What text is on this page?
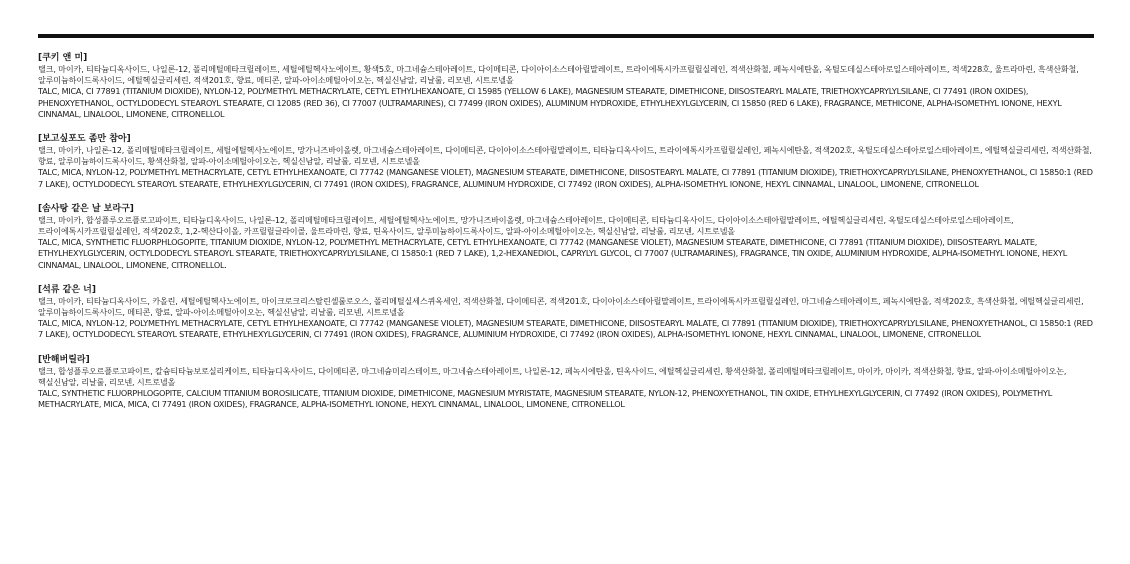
[쿠키 앤 미]

탤크, 마이카, 티타늄디옥사이드, 나일론-12, 폴리메틸메타크릴레이트, 세틸에틸헥사노에이트, 황색5호, 마그네슘스테아레이트, 다이메티콘, 다이아이소스테아릴말레이트, 트라이에톡시카프릴릴실레인, 적색산화철, 페녹시에탄올, 옥틸도데실스테아로일스테아레이트, 적색228호, 울트라마린, 흑색산화철, 알루미늄하이드록사이드, 에틸헥실글리세린, 적색201호, 향료, 메티콘, 알파-아이소메틸아이오논, 헥실신남알, 리날룰, 리모넨, 시트로넬올

TALC, MICA, CI 77891 (TITANIUM DIOXIDE), NYLON-12, POLYMETHYL METHACRYLATE, CETYL ETHYLHEXANOATE, CI 15985 (YELLOW 6 LAKE), MAGNESIUM STEARATE, DIMETHICONE, DIISOSTEARYL MALATE, TRIETHOXYCAPRYLYLSILANE, CI 77491 (IRON OXIDES), PHENOXYETHANOL, OCTYLDODECYL STEAROYL STEARATE, CI 12085 (RED 36), CI 77007 (ULTRAMARINES), CI 77499 (IRON OXIDES), ALUMINUM HYDROXIDE, ETHYLHEXYLGLYCERIN, CI 15850 (RED 6 LAKE), FRAGRANCE, METHICONE, ALPHA-ISOMETHYL IONONE, HEXYL CINNAMAL, LINALOOL, LIMONENE, CITRONELLOL

[보고싶포도 좀만 참아]

탤크, 마이카, 나일론-12, 폴리메틸메타크릴레이트, 세틸에틸헥사노에이트, 망가니즈바이올렛, 마그네슘스테아레이트, 다이메티콘, 다이아이소스테아릴말레이트, 티타늄디옥사이드, 트라이에톡시카프릴릴실레인, 페녹시에탄올, 적색202호, 옥틸도데실스테아로일스테아레이트, 에틸헥실글리세린, 적색산화철, 향료, 알루미늄하이드록사이드, 황색산화철, 알파-아이소메틸아이오논, 헥실신남알, 리날룰, 리모넨, 시트로넬올

TALC, MICA, NYLON-12, POLYMETHYL METHACRYLATE, CETYL ETHYLHEXANOATE, CI 77742 (MANGANESE VIOLET), MAGNESIUM STEARATE, DIMETHICONE, DIISOSTEARYL MALATE, CI 77891 (TITANIUM DIOXIDE), TRIETHOXYCAPRYLYLSILANE, PHENOXYETHANOL, CI 15850:1 (RED 7 LAKE), OCTYLDODECYL STEAROYL STEARATE, ETHYLHEXYLGLYCERIN, CI 77491 (IRON OXIDES), FRAGRANCE, ALUMINUM HYDROXIDE, CI 77492 (IRON OXIDES), ALPHA-ISOMETHYL IONONE, HEXYL CINNAMAL, LINALOOL, LIMONENE, CITRONELLOL

[솜사탕 같은 날 보라구]

탤크, 마이카, 합성플루오르플로고파이트, 티타늄디옥사이드, 나일론-12, 폴리메틸메타크릴레이트, 세틸에틸헥사노에이트, 망가니즈바이올렛, 마그네슘스테아레이트, 다이메티콘, 티타늄디옥사이드, 다이아이소스테아릴말레이트, 에틸헥실글리세린, 옥틸도데실스테아로일스테아레이트, 트라이에톡시카프릴릴실레인, 적색202호, 1,2-헥산다이올, 카프릴릴글라이콜, 울트라마린, 향료, 틴옥사이드, 알루미늄하이드록사이드, 알파-아이소메틸아이오논, 헥실신남알, 리날룰, 리모넨, 시트로넬올

TALC, MICA, SYNTHETIC FLUORPHLOGOPITE, TITANIUM DIOXIDE, NYLON-12, POLYMETHYL METHACRYLATE, CETYL ETHYLHEXANOATE, CI 77742 (MANGANESE VIOLET), MAGNESIUM STEARATE, DIMETHICONE, CI 77891 (TITANIUM DIOXIDE), DIISOSTEARYL MALATE, ETHYLHEXYLGLYCERIN, OCTYLDODECYL STEAROYL STEARATE, TRIETHOXYCAPRYLYLSILANE, CI 15850:1 (RED 7 LAKE), 1,2-HEXANEDIOL, CAPRYLYL GLYCOL, CI 77007 (ULTRAMARINES), FRAGRANCE, TIN OXIDE, ALUMINIUM HYDROXIDE, ALPHA-ISOMETHYL IONONE, HEXYL CINNAMAL, LINALOOL, LIMONENE, CITRONELLOL.

[석류 같은 너]

탤크, 마이카, 티타늄디옥사이드, 카올린, 세틸에틸헥사노에이트, 마이크로크리스탈린셀룰로오스, 폴리메틸실세스퀴옥세인, 적색산화철, 다이메티콘, 적색201호, 다이아이소스테아릴말레이트, 트라이에톡시카프릴릴실레인, 마그네슘스테아레이트, 페녹시에탄올, 적색202호, 흑색산화철, 에틸헥실글리세린, 알루미늄하이드록사이드, 메티콘, 향료, 알파-아이소메틸아이오논, 헥실신남알, 리날룰, 리모넨, 시트로넬올

TALC, MICA, NYLON-12, POLYMETHYL METHACRYLATE, CETYL ETHYLHEXANOATE, CI 77742 (MANGANESE VIOLET), MAGNESIUM STEARATE, DIMETHICONE, DIISOSTEARYL MALATE, CI 77891 (TITANIUM DIOXIDE), TRIETHOXYCAPRYLYLSILANE, PHENOXYETHANOL, CI 15850:1 (RED 7 LAKE), OCTYLDODECYL STEAROYL STEARATE, ETHYLHEXYLGLYCERIN, CI 77491 (IRON OXIDES), FRAGRANCE, ALUMINIUM HYDROXIDE, CI 77492 (IRON OXIDES), ALPHA-ISOMETHYL IONONE, HEXYL CINNAMAL, LINALOOL, LIMONENE, CITRONELLOL

[반해버릴라]

탤크, 합성플루오르플로고파이트, 칼슘티타늄보로실리케이트, 티타늄디옥사이드, 다이메티콘, 마그네슘미리스테이트, 마그네슘스테아레이트, 나일론-12, 페녹시에탄올, 틴옥사이드, 에틸헥실글리세린, 황색산화철, 폴리메틸메타크릴레이트, 마이카, 마이카, 적색산화철, 향료, 알파-아이소메틸아이오논, 헥실신남알, 리날룰, 리모넨, 시트로넬올

TALC, SYNTHETIC FLUORPHLOGOPITE, CALCIUM TITANIUM BOROSILICATE, TITANIUM DIOXIDE, DIMETHICONE, MAGNESIUM MYRISTATE, MAGNESIUM STEARATE, NYLON-12, PHENOXYETHANOL, TIN OXIDE, ETHYLHEXYLGLYCERIN, CI 77492 (IRON OXIDES), POLYMETHYL METHACRYLATE, MICA, MICA, CI 77491 (IRON OXIDES), FRAGRANCE, ALPHA-ISOMETHYL IONONE, HEXYL CINNAMAL, LINALOOL, LIMONENE, CITRONELLOL
